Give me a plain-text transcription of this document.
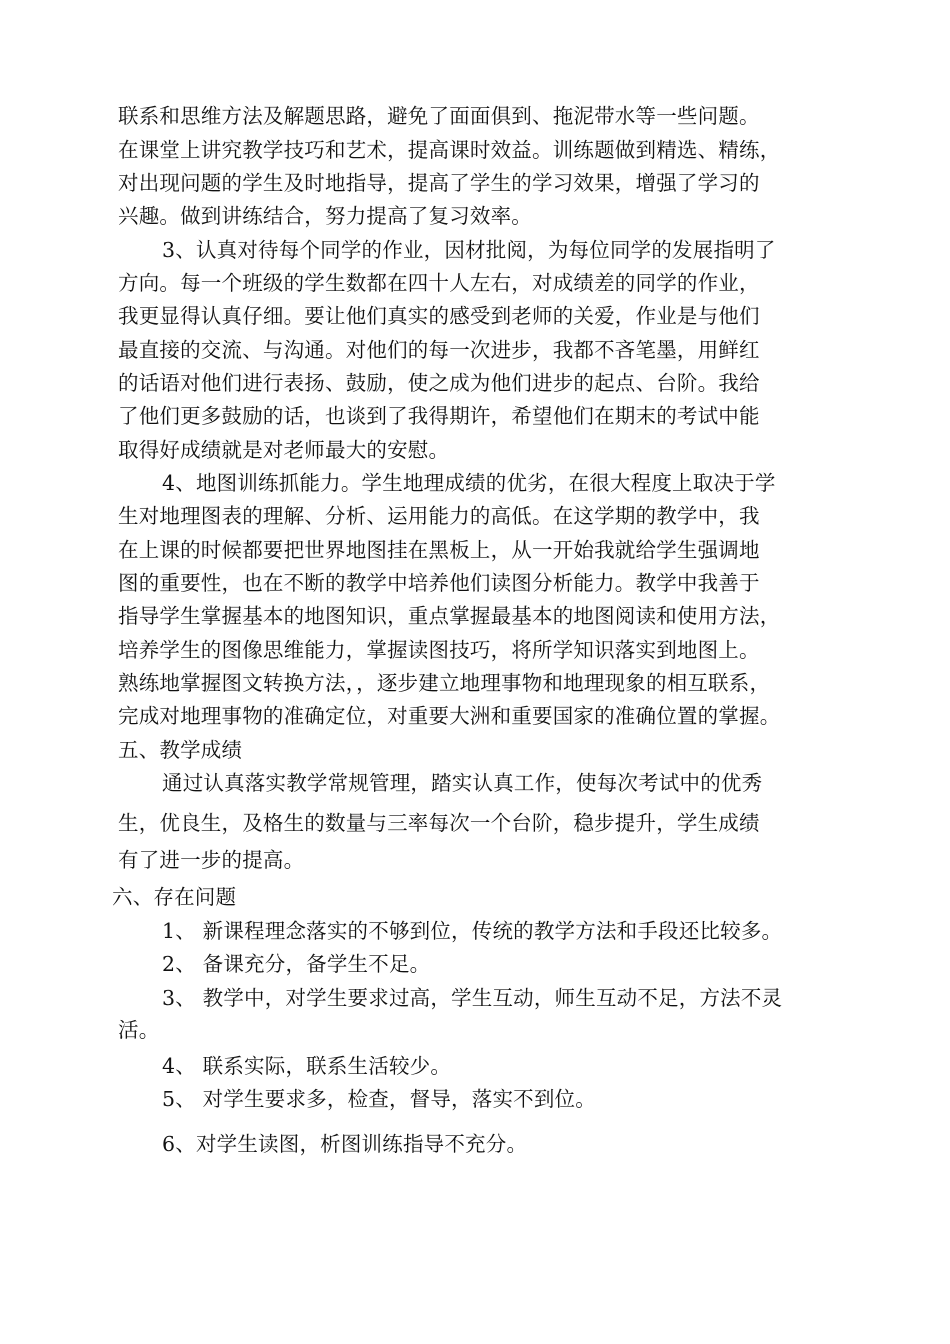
联系和思维方法及解题思路，避免了面面俱到、拖泥带水等一些问题。
在课堂上讲究教学技巧和艺术，提高课时效益。训练题做到精选、精练，
对出现问题的学生及时地指导，提高了学生的学习效果，增强了学习的
兴趣。做到讲练结合，努力提高了复习效率。
3、认真对待每个同学的作业，因材批阅，为每位同学的发展指明了
方向。每一个班级的学生数都在四十人左右，对成绩差的同学的作业，
我更显得认真仔细。要让他们真实的感受到老师的关爱，作业是与他们
最直接的交流、与沟通。对他们的每一次进步，我都不吝笔墨，用鲜红
的话语对他们进行表扬、鼓励，使之成为他们进步的起点、台阶。我给
了他们更多鼓励的话，也谈到了我得期许，希望他们在期末的考试中能
取得好成绩就是对老师最大的安慰。
4、地图训练抓能力。学生地理成绩的优劣，在很大程度上取决于学
生对地理图表的理解、分析、运用能力的高低。在这学期的教学中，我
在上课的时候都要把世界地图挂在黑板上，从一开始我就给学生强调地
图的重要性，也在不断的教学中培养他们读图分析能力。教学中我善于
指导学生掌握基本的地图知识，重点掌握最基本的地图阅读和使用方法，
培养学生的图像思维能力，掌握读图技巧，将所学知识落实到地图上。
熟练地掌握图文转换方法，，逐步建立地理事物和地理现象的相互联系，
完成对地理事物的准确定位，对重要大洲和重要国家的准确位置的掌握。
五、教学成绩
通过认真落实教学常规管理，踏实认真工作，使每次考试中的优秀
生，优良生，及格生的数量与三率每次一个台阶，稳步提升，学生成绩
有了进一步的提高。
六、存在问题
1、 新课程理念落实的不够到位，传统的教学方法和手段还比较多。
2、 备课充分，备学生不足。
3、 教学中，对学生要求过高，学生互动，师生互动不足，方法不灵
活。
4、 联系实际，联系生活较少。
5、 对学生要求多，检查，督导，落实不到位。
6、对学生读图，析图训练指导不充分。
